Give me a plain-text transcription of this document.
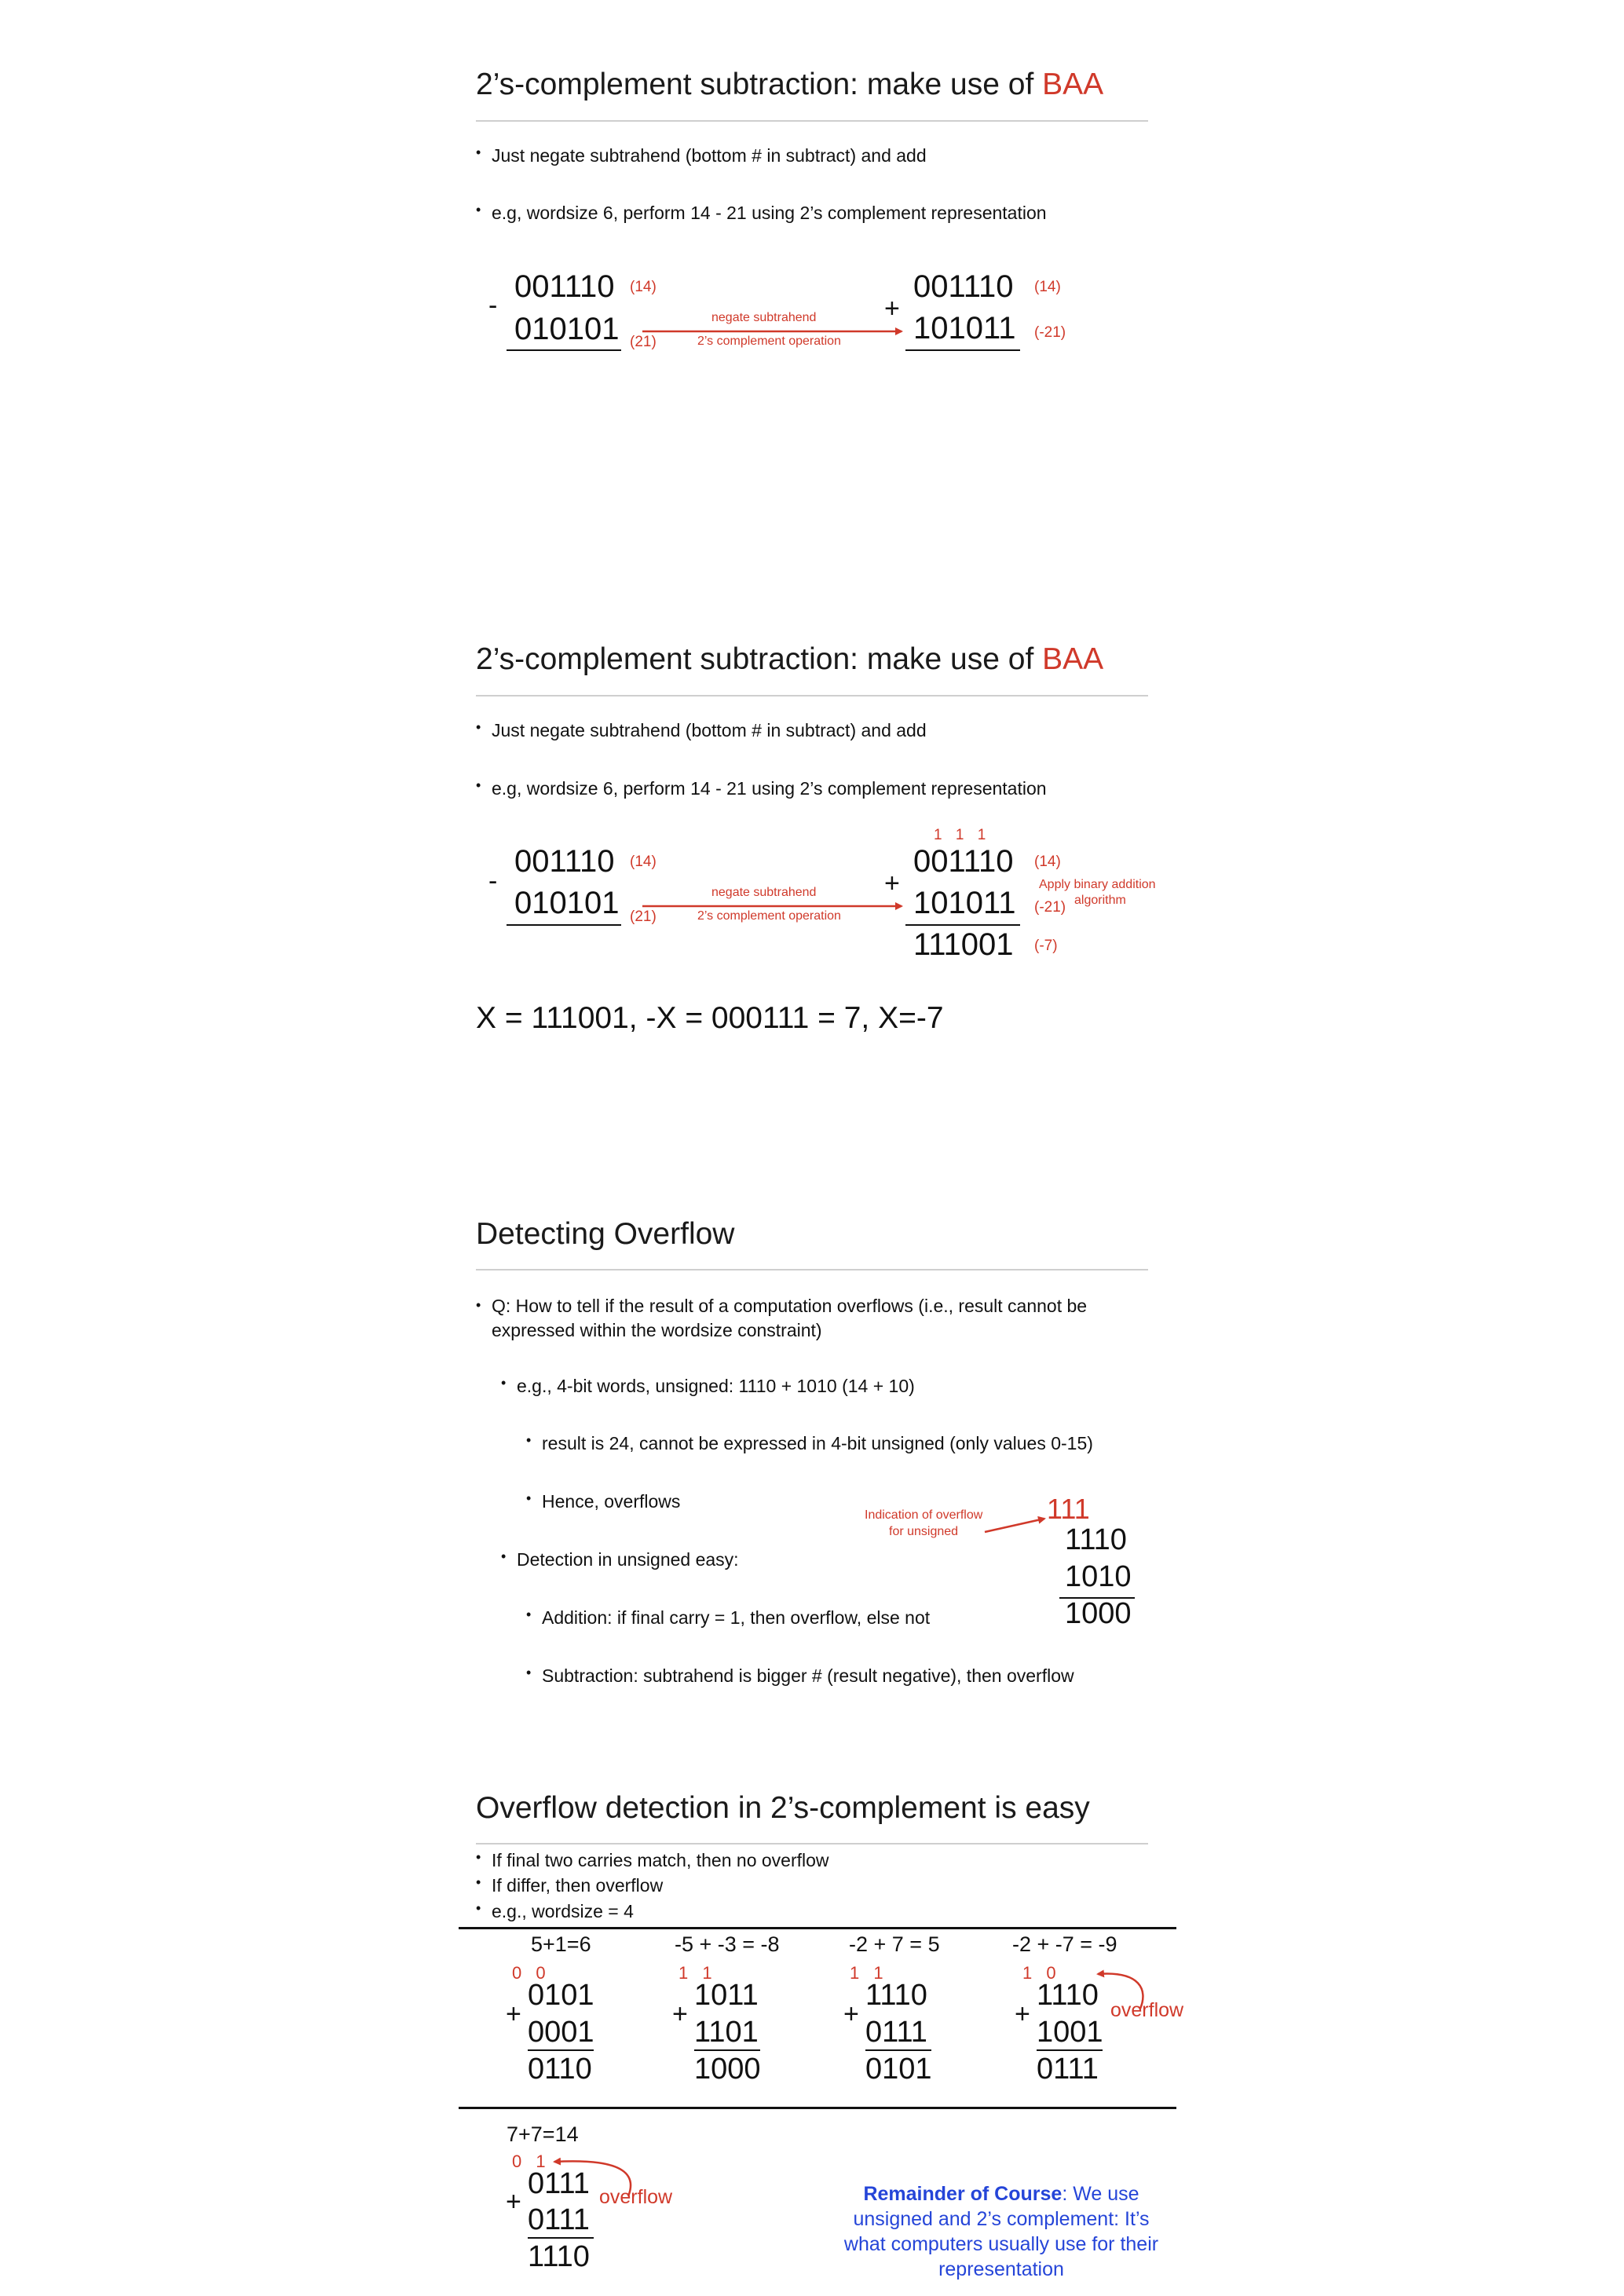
2’s-complement subtraction: make use of BAA
• Just negate subtrahend (bottom # in subtract) and add
• e.g, wordsize 6, perform 14 - 21 using 2’s complement representation
-
001110
010101
(14)
(21)
negate subtrahend
2’s complement operation
+
001110
101011
(14)
(-21)
2’s-complement subtraction: make use of BAA
• Just negate subtrahend (bottom # in subtract) and add
• e.g, wordsize 6, perform 14 - 21 using 2’s complement representation
-
001110
010101
(14)
(21)
negate subtrahend
2’s complement operation
1 1 1
+
001110
101011
111001
(14)
(-21)
(-7)
Apply binary addition
algorithm
X = 111001, -X = 000111 = 7, X=-7
Detecting Overflow
• Q: How to tell if the result of a computation overflows (i.e., result cannot be
expressed within the wordsize constraint)
• e.g., 4-bit words, unsigned: 1110 + 1010 (14 + 10)
• result is 24, cannot be expressed in 4-bit unsigned (only values 0-15)
• Hence, overflows
• Detection in unsigned easy:
• Addition: if final carry = 1, then overflow, else not
• Subtraction: subtrahend is bigger # (result negative), then overflow
Indication of overflow
for unsigned
111
1110
1010
1000
Overflow detection in 2’s-complement is easy
• If final two carries match, then no overflow
• If differ, then overflow
• e.g., wordsize = 4
5+1=6
0 0
+
0101
0001
0110
-5 + -3 = -8
1 1
+
1011
1101
1000
-2 + 7 = 5
1 1
+
1110
0111
0101
-2 + -7 = -9
1 0
+
1110
1001
0111
overflow
7+7=14
0 1
+
0111
0111
1110
overflow	Remainder of Course: We use
unsigned and 2’s complement: It’s
what computers usually use for their
representation
